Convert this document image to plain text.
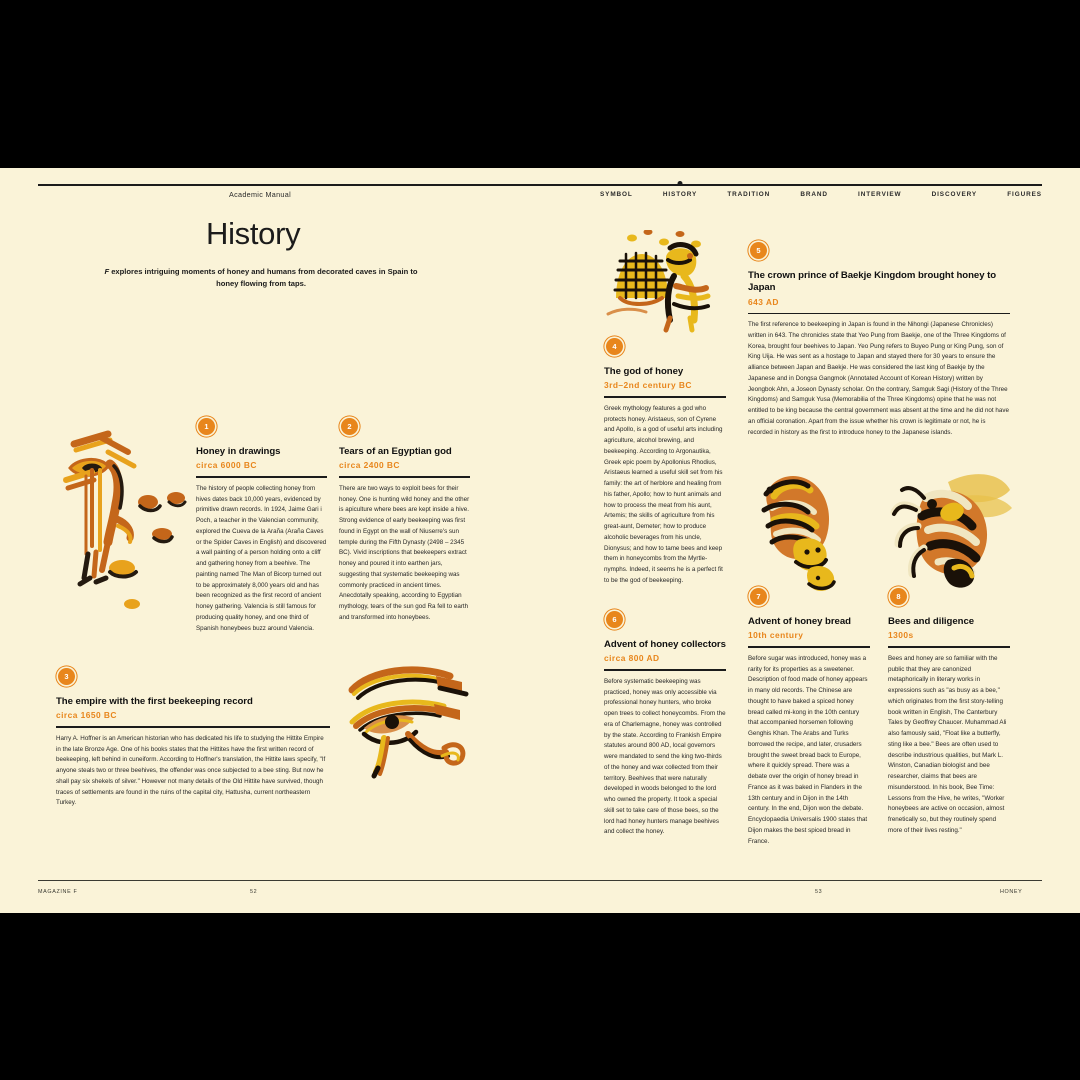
Academic Manual	SYMBOL	HISTORY	TRADITION	BRAND	INTERVIEW	DISCOVERY	FIGURES
History

F explores intriguing moments of honey and humans from decorated caves in Spain to honey flowing from taps.

1
Honey in drawings
circa 6000 BC

The history of people collecting honey from hives dates back 10,000 years, evidenced by primitive drawn records. In 1924, Jaime Gari i Poch, a teacher in the Valencian community, explored the Cueva de la Araña (Araña Caves or the Spider Caves in English) and discovered a wall painting of a person holding onto a cliff and gathering honey from a beehive. The painting named The Man of Bicorp turned out to be approximately 8,000 years old and has been recognized as the first record of ancient honey gathering. Valencia is still famous for producing quality honey, and one third of Spanish honeybees buzz around Valencia.

2
Tears of an Egyptian god
circa 2400 BC

There are two ways to exploit bees for their honey. One is hunting wild honey and the other is apiculture where bees are kept inside a hive. Strong evidence of early beekeeping was first found in Egypt on the wall of Niuserre's sun temple during the Fifth Dynasty (2498 – 2345 BC). Vivid inscriptions that beekeepers extract honey and poured it into earthen jars, suggesting that systematic beekeeping was commonly practiced in ancient times. Anecdotally speaking, according to Egyptian mythology, tears of the sun god Ra fell to earth and transformed into honeybees.

3
The empire with the first beekeeping record
circa 1650 BC

Harry A. Hoffner is an American historian who has dedicated his life to studying the Hittite Empire in the late Bronze Age. One of his books states that the Hittites have the first written record of beekeeping, left behind in cuneiform. According to Hoffner's translation, the Hittite laws specify, "If anyone steals two or three beehives, the offender was once subjected to a bee sting. But now he shall pay six shekels of silver." However not many details of the Old Hittite have survived, though traces of settlements are found in the ruins of the capital city, Hattusha, current northeastern Turkey.

4
The god of honey
3rd–2nd century BC

Greek mythology features a god who protects honey. Aristaeus, son of Cyrene and Apollo, is a god of useful arts including agriculture, alcohol brewing, and beekeeping. According to Argonautika, Greek epic poem by Apollonius Rhodius, Aristaeus learned a useful skill set from his family: the art of herblore and healing from his father, Apollo; how to hunt animals and how to process the meat from his aunt, Artemis; the skills of agriculture from his great-aunt, Demeter; how to produce alcoholic beverages from his uncle, Dionysus; and how to tame bees and keep them in honeycombs from the Myrtle-nymphs. Indeed, it seems he is a perfect fit to be the god of beekeeping.

5
The crown prince of Baekje Kingdom brought honey to Japan
643 AD

The first reference to beekeeping in Japan is found in the Nihongi (Japanese Chronicles) written in 643. The chronicles state that Yeo Pung from Baekje, one of the Three Kingdoms of Korea, brought four beehives to Japan. Yeo Pung refers to Buyeo Pung or King Pung, son of King Uija. He was sent as a hostage to Japan and stayed there for 30 years to ensure the alliance between Japan and Baekje. He was considered the last king of Baekje by the Japanese and in Dongsa Gangmok (Annotated Account of Korean History) written by Jeongbok Ahn, a Joseon Dynasty scholar. On the contrary, Samguk Sagi (History of the Three Kingdoms) and Samguk Yusa (Memorabilia of the Three Kingdoms) opine that he was not entitled to be king because the central government was absent at the time and he did not have an official coronation. Apart from the issue whether his crown is legitimate or not, he is recorded in history as the first to introduce honey to the Japanese islands.

6
Advent of honey collectors
circa 800 AD

Before systematic beekeeping was practiced, honey was only accessible via professional honey hunters, who broke open trees to collect honeycombs. From the era of Charlemagne, honey was controlled by the state. According to Frankish Empire statutes around 800 AD, local governors were mandated to send the king two-thirds of the honey and wax collected from their territory. Beehives that were naturally developed in woods belonged to the lord who owned the property. It took a special skill set to take care of those bees, so the lord had honey hunters manage beehives and collect the honey.

7
Advent of honey bread
10th century

Before sugar was introduced, honey was a rarity for its properties as a sweetener. Description of food made of honey appears in many old records. The Chinese are thought to have baked a spiced honey bread called mi-kong in the 10th century that accompanied horsemen following Genghis Khan. The Arabs and Turks borrowed the recipe, and later, crusaders brought the sweet bread back to Europe, where it quickly spread. There was a debate over the origin of honey bread in France as it was baked in Flanders in the 13th century and in Dijon in the 14th century. In the end, Dijon won the debate. Encyclopaedia Universalis 1900 states that Dijon makes the best spiced bread in France.

8
Bees and diligence
1300s

Bees and honey are so familiar with the public that they are canonized metaphorically in literary works in expressions such as "as busy as a bee," which originates from the first story-telling book written in English, The Canterbury Tales by Geoffrey Chaucer. Muhammad Ali also famously said, "Float like a butterfly, sting like a bee." Bees are often used to describe industrious qualities, but Mark L. Winston, Canadian biologist and bee researcher, claims that bees are misunderstood. In his book, Bee Time: Lessons from the Hive, he writes, "Worker honeybees are active on occasion, almost frenetically so, but they routinely spend more of their lives resting."

MAGAZINE F	52	53	HONEY
